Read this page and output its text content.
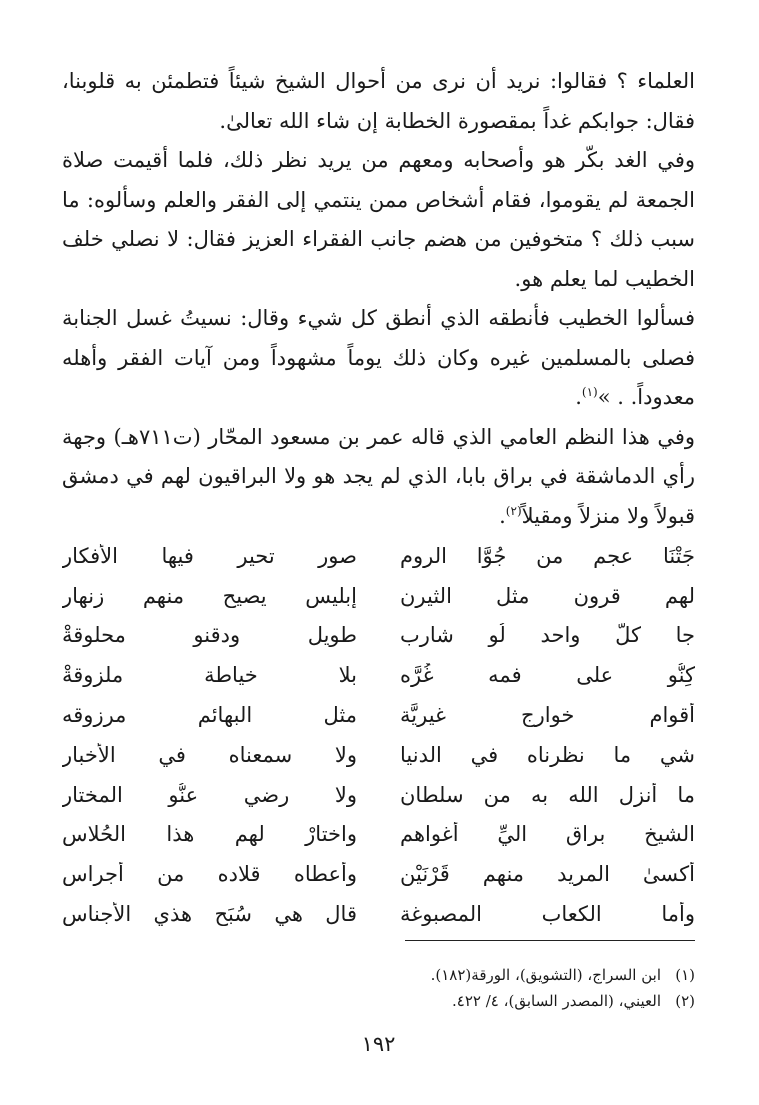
العلماء ؟ فقالوا: نريد أن نرى من أحوال الشيخ شيئاً فتطمئن به قلوبنا، فقال: جوابكم غداً بمقصورة الخطابة إن شاء الله تعالىٰ.

وفي الغد بكّر هو وأصحابه ومعهم من يريد نظر ذلك، فلما أقيمت صلاة الجمعة لم يقوموا، فقام أشخاص ممن ينتمي إلى الفقر والعلم وسألوه: ما سبب ذلك ؟ متخوفين من هضم جانب الفقراء العزيز فقال: لا نصلي خلف الخطيب لما يعلم هو.

فسألوا الخطيب فأنطقه الذي أنطق كل شيء وقال: نسيتُ غسل الجنابة فصلى بالمسلمين غيره وكان ذلك يوماً مشهوداً ومن آيات الفقر وأهله معدوداً. . »$^{(١)}$.

وفي هذا النظم العامي الذي قاله عمر بن مسعود المحّار (ت٧١١هـ) وجهة رأي الدماشقة في براق بابا، الذي لم يجد هو ولا البراقيون لهم في دمشق قبولاً ولا منزلاً ومقيلاً$^{(٢)}$.

جَتْنَا عجم من جُوَّا الروم
صور تحير فيها الأفكار
لهم قرون مثل الثيرن
إبليس يصيح منهم زنهار
جا كلّ واحد لُو شارب
طويل ودقنو محلوقةْ
كِنُّو على فمه غُرَّه
بلا خياطة ملزوقةْ
أقوام خوارج غيريَّة
مثل البهائم مرزوقه
شي ما نظرناه في الدنيا
ولا سمعناه في الأخبار
ما أنزل الله به من سلطان
ولا رضي عنُّو المختار
الشيخ براق اليِّ أغواهم
واختارْ لهم هذا الحُلاس
أكسىٰ المريد منهم قَرْنَيْن
وأعطاه قلاده من أجراس
وأما الكعاب المصبوغة
قال هي سُبَح هذي الأجناس
(١)
ابن السراج، (التشويق)، الورقة(١٨٢).
(٢)
العيني، (المصدر السابق)، ٤/ ٤٢٢.
١٩٢
